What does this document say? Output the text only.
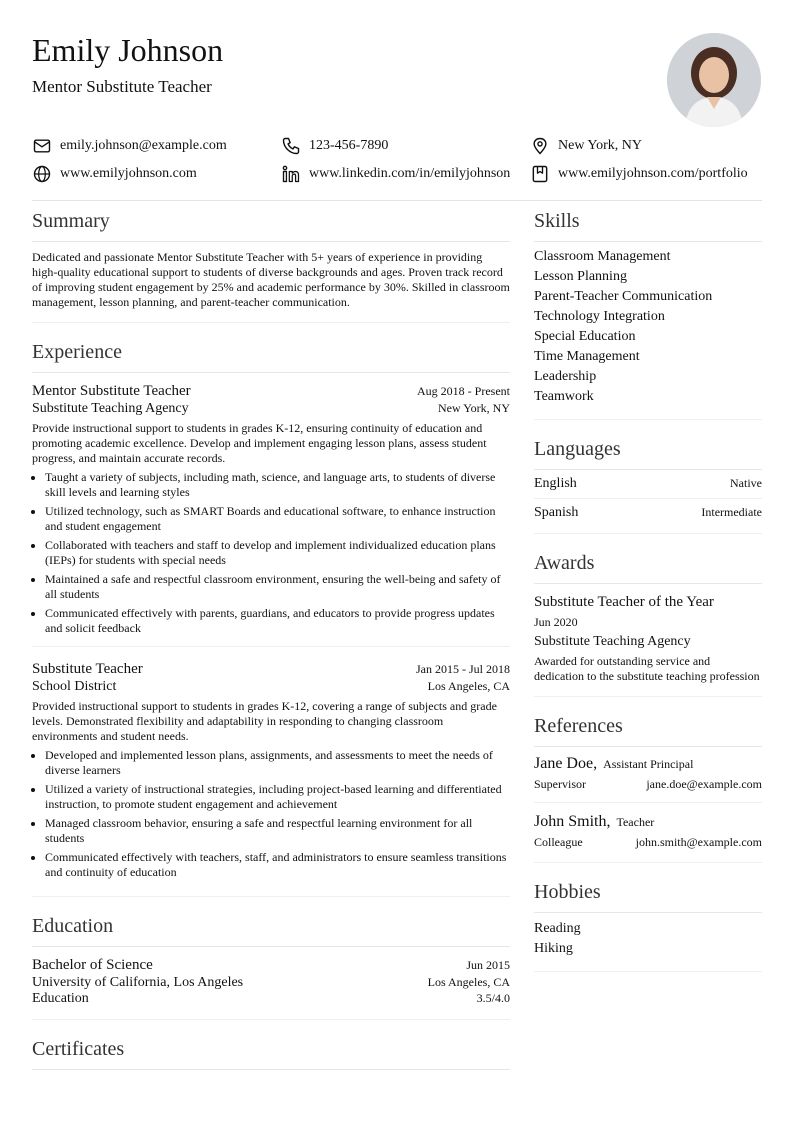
Emily Johnson
Mentor Substitute Teacher
emily.johnson@example.com	123-456-7890	New York, NY
www.emilyjohnson.com	www.linkedin.com/in/emilyjohnson	www.emilyjohnson.com/portfolio
Summary
Dedicated and passionate Mentor Substitute Teacher with 5+ years of experience in providing high-quality educational support to students of diverse backgrounds and ages. Proven track record of improving student engagement by 25% and academic performance by 30%. Skilled in classroom management, lesson planning, and parent-teacher communication.
Experience
Mentor Substitute Teacher	Aug 2018 - Present
Substitute Teaching Agency	New York, NY
Provide instructional support to students in grades K-12, ensuring continuity of education and promoting academic excellence. Develop and implement engaging lesson plans, assess student progress, and maintain accurate records.
• Taught a variety of subjects, including math, science, and language arts, to students of diverse skill levels and learning styles
• Utilized technology, such as SMART Boards and educational software, to enhance instruction and student engagement
• Collaborated with teachers and staff to develop and implement individualized education plans (IEPs) for students with special needs
• Maintained a safe and respectful classroom environment, ensuring the well-being and safety of all students
• Communicated effectively with parents, guardians, and educators to provide progress updates and solicit feedback
Substitute Teacher	Jan 2015 - Jul 2018
School District	Los Angeles, CA
Provided instructional support to students in grades K-12, covering a range of subjects and grade levels. Demonstrated flexibility and adaptability in responding to changing classroom environments and student needs.
• Developed and implemented lesson plans, assignments, and assessments to meet the needs of diverse learners
• Utilized a variety of instructional strategies, including project-based learning and differentiated instruction, to promote student engagement and achievement
• Managed classroom behavior, ensuring a safe and respectful learning environment for all students
• Communicated effectively with teachers, staff, and administrators to ensure seamless transitions and continuity of education
Education
Bachelor of Science	Jun 2015
University of California, Los Angeles	Los Angeles, CA
Education	3.5/4.0
Certificates
Skills
Classroom Management
Lesson Planning
Parent-Teacher Communication
Technology Integration
Special Education
Time Management
Leadership
Teamwork
Languages
English	Native
Spanish	Intermediate
Awards
Substitute Teacher of the Year
Jun 2020
Substitute Teaching Agency
Awarded for outstanding service and dedication to the substitute teaching profession
References
Jane Doe, Assistant Principal
Supervisor	jane.doe@example.com
John Smith, Teacher
Colleague	john.smith@example.com
Hobbies
Reading
Hiking
